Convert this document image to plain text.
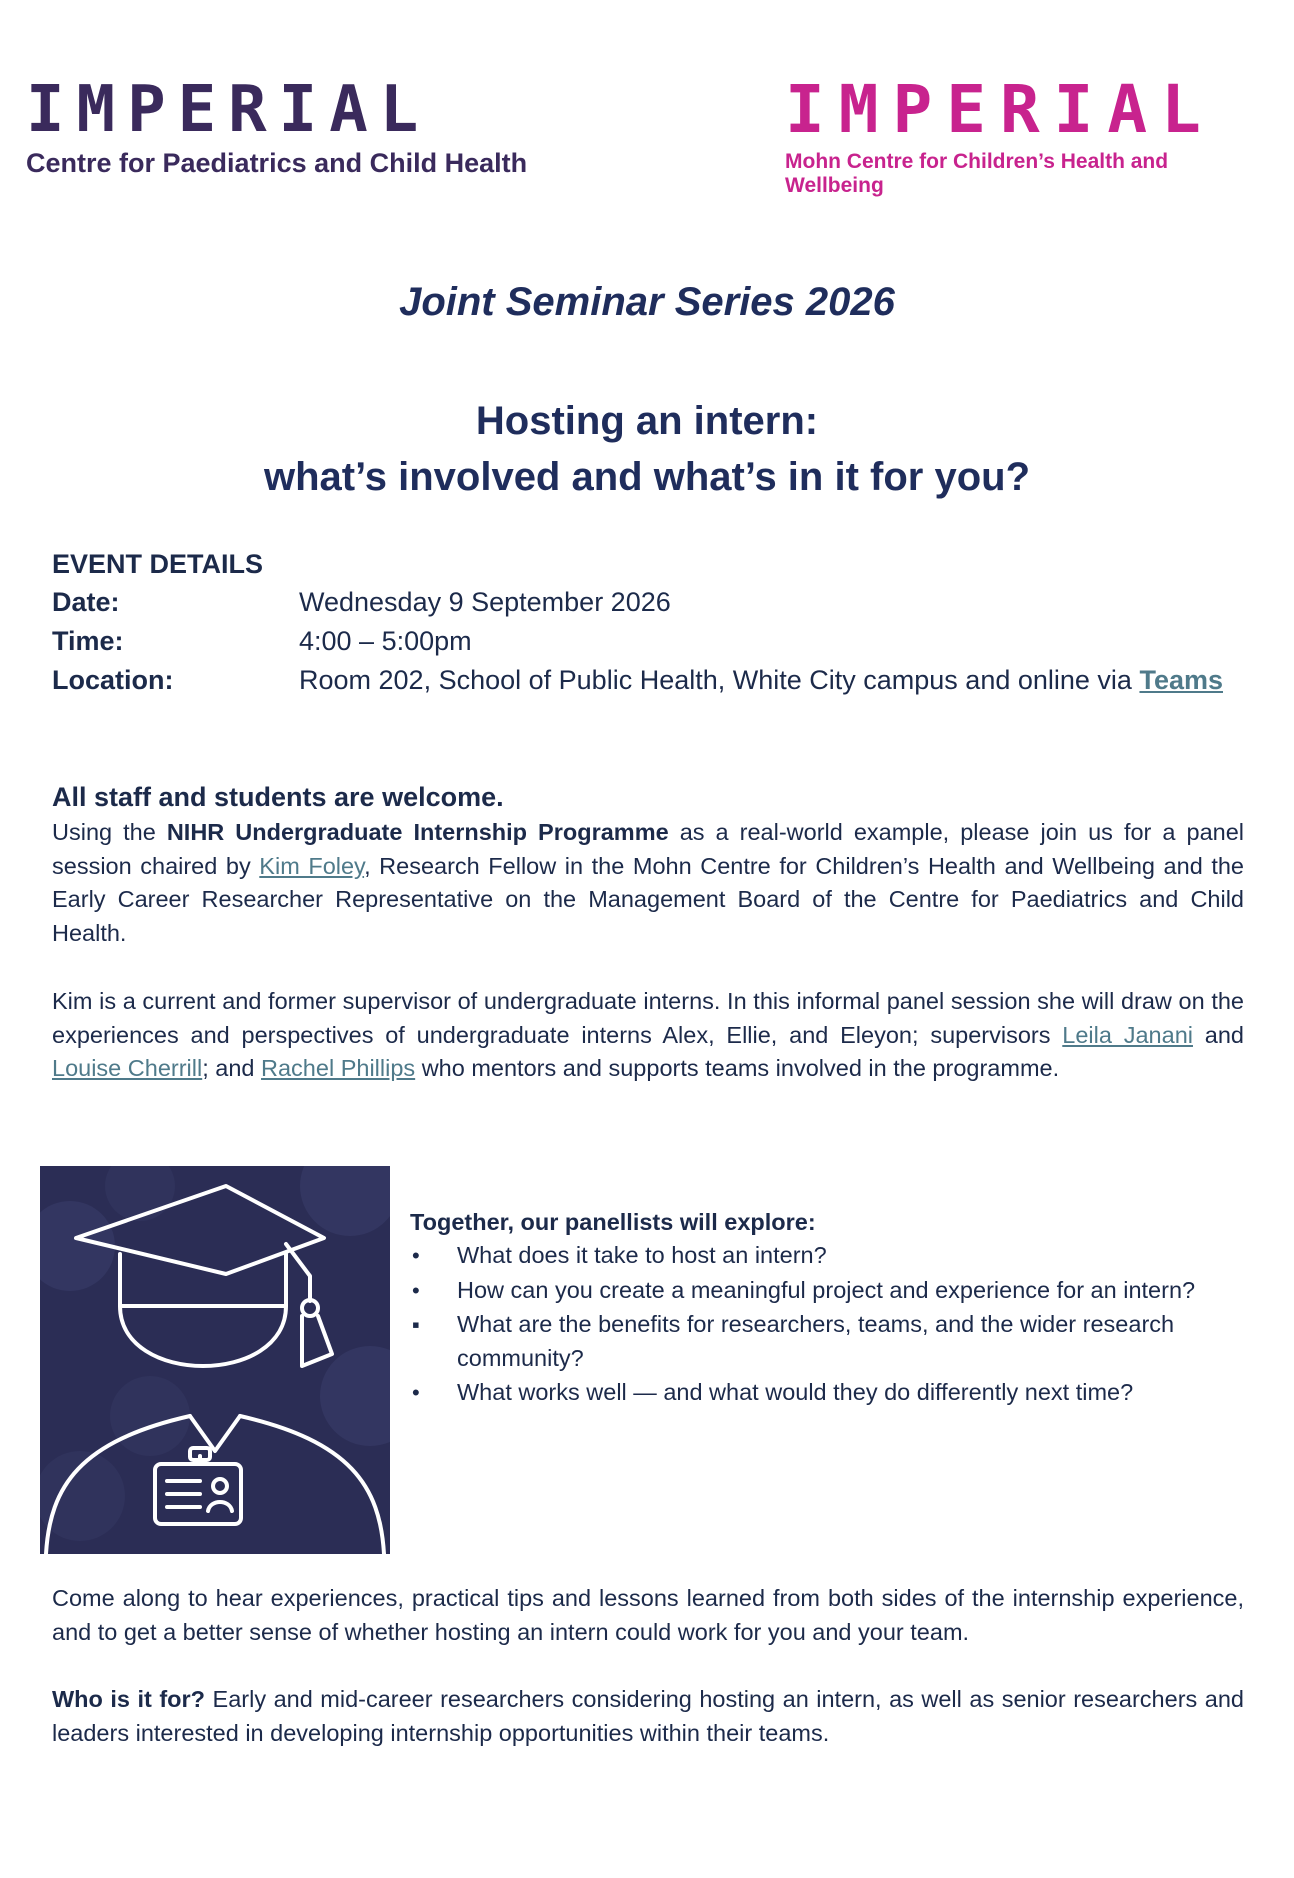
IMPERIAL
Centre for Paediatrics and Child Health
IMPERIAL
Mohn Centre for Children’s Health and Wellbeing
Joint Seminar Series 2026
Hosting an intern:
what’s involved and what’s in it for you?
EVENT DETAILS
Date:	Wednesday 9 September 2026
Time:	4:00 – 5:00pm
Location:	Room 202, School of Public Health, White City campus and online via Teams
All staff and students are welcome.
Using the NIHR Undergraduate Internship Programme as a real-world example, please join us for a panel session chaired by Kim Foley, Research Fellow in the Mohn Centre for Children’s Health and Wellbeing and the Early Career Researcher Representative on the Management Board of the Centre for Paediatrics and Child Health.
Kim is a current and former supervisor of undergraduate interns. In this informal panel session she will draw on the experiences and perspectives of undergraduate interns Alex, Ellie, and Eleyon; supervisors Leila Janani and Louise Cherrill; and Rachel Phillips who mentors and supports teams involved in the programme.
Together, our panellists will explore:
• What does it take to host an intern?
• How can you create a meaningful project and experience for an intern?
▪ What are the benefits for researchers, teams, and the wider research community?
• What works well — and what would they do differently next time?
Come along to hear experiences, practical tips and lessons learned from both sides of the internship experience, and to get a better sense of whether hosting an intern could work for you and your team.
Who is it for? Early and mid-career researchers considering hosting an intern, as well as senior researchers and leaders interested in developing internship opportunities within their teams.
